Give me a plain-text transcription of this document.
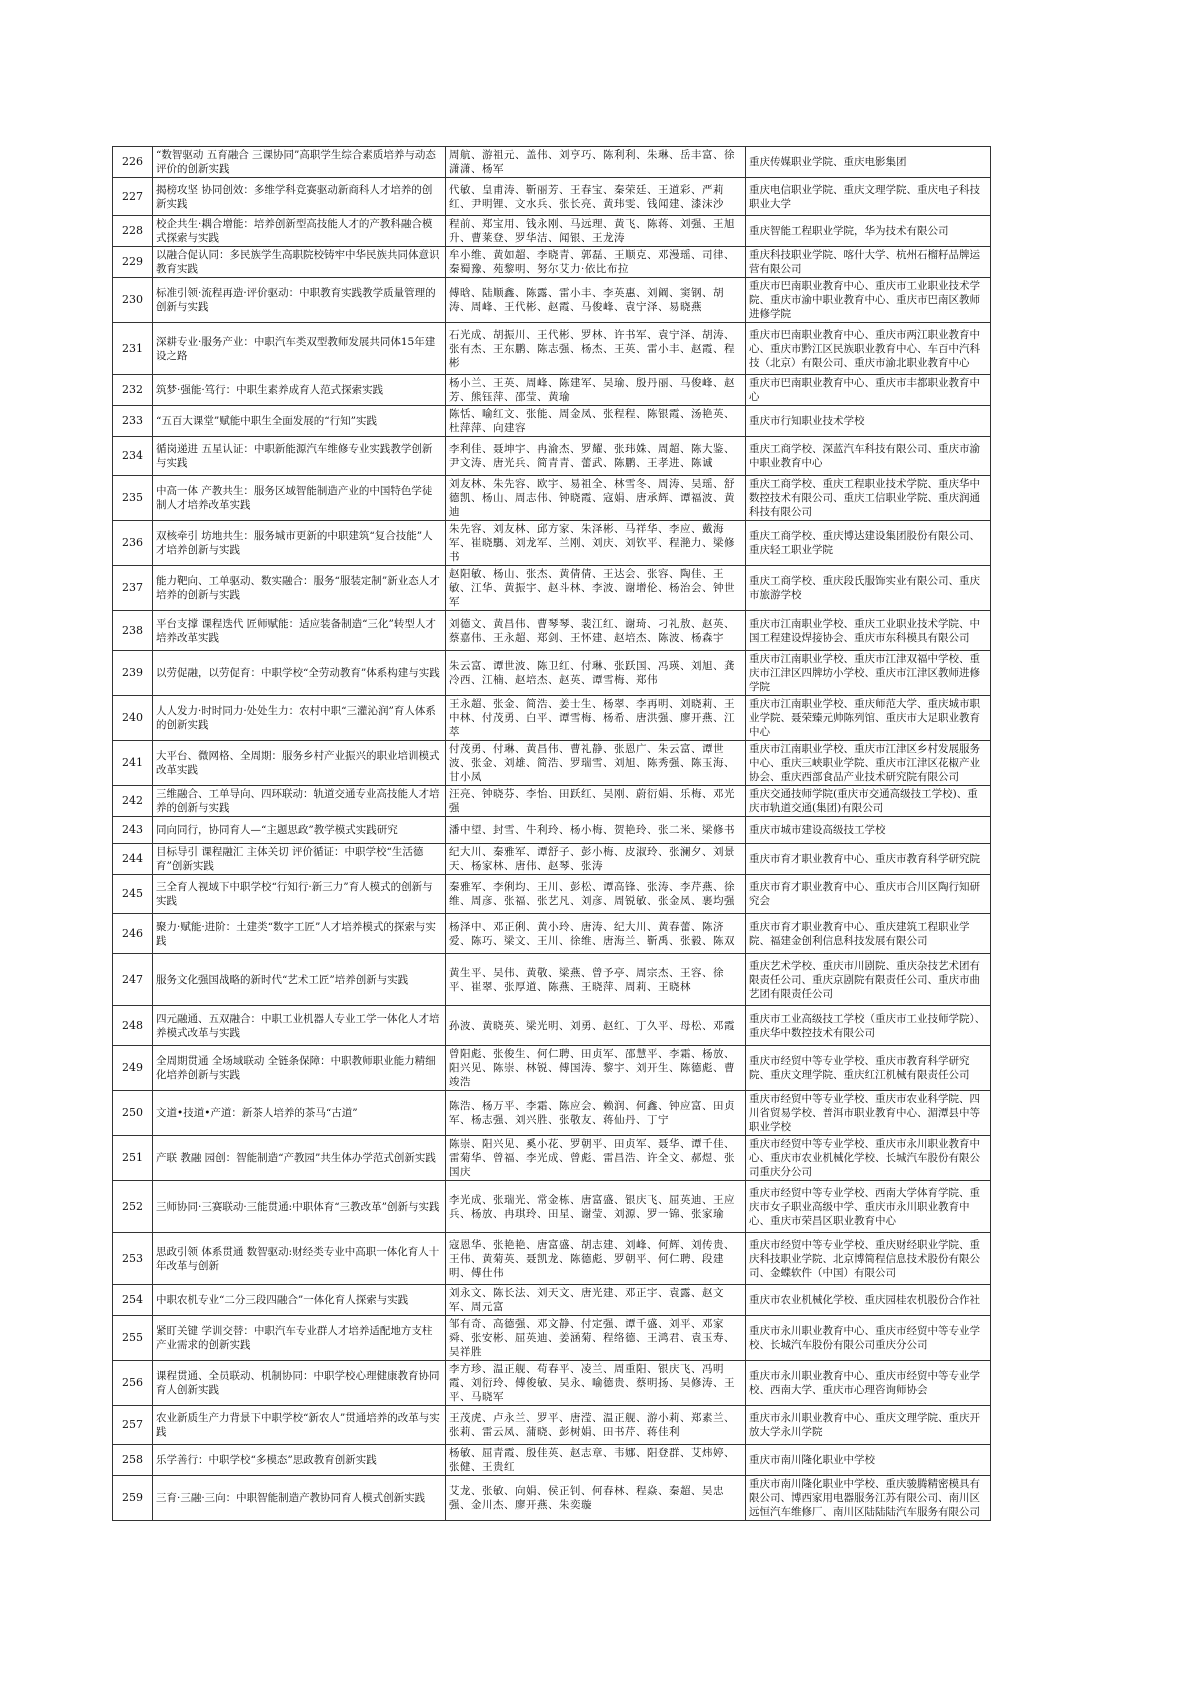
226	“数智驱动 五育融合 三课协同”高职学生综合素质培养与动态评价的创新实践	周航、游祖元、盖伟、刘亨巧、陈利利、朱琳、岳丰富、徐潇潇、杨军	重庆传媒职业学院、重庆电影集团
227	揭榜攻坚 协同创效：多维学科竞赛驱动新商科人才培养的创新实践	代敏、皇甫涛、靳丽芳、王春宝、秦荣廷、王道彩、严莉红、尹明锂、文水兵、张长亮、黄玮雯、钱闻建、漆沫沙	重庆电信职业学院、重庆文理学院、重庆电子科技职业大学
228	校企共生·耦合增能：培养创新型高技能人才的产教科融合模式探索与实践	程前、郑宝用、钱永刚、马远理、黄飞、陈蒋、刘强、王旭升、曹莱登、罗华洁、闻银、王龙涛	重庆智能工程职业学院，华为技术有限公司
229	以融合促认同：多民族学生高职院校铸牢中华民族共同体意识教育实践	牟小维、黄如超、李晓青、郭磊、王顺克、邓漫瑶、司律、秦蜀豫、苑黎明、努尔艾力·依比布拉	重庆科技职业学院、喀什大学、杭州石榴籽品牌运营有限公司
230	标准引领·流程再造·评价驱动：中职教育实践教学质量管理的创新与实践	傅晗、陆顺鑫、陈露、雷小丰、李英惠、刘阚、窦钢、胡涛、周峰、王代彬、赵霞、马俊峰、袁宁泽、易晓燕	重庆市巴南职业教育中心、重庆市工业职业技术学院、重庆市渝中职业教育中心、重庆市巴南区教师进修学院
231	深耕专业·服务产业：中职汽车类双型教师发展共同体15年建设之路	石光成、胡振川、王代彬、罗林、许书军、袁宁泽、胡涛、张有杰、王东鹏、陈志强、杨杰、王英、雷小丰、赵霞、程彬	重庆市巴南职业教育中心、重庆市两江职业教育中心、重庆市黔江区民族职业教育中心、车百中汽科技（北京）有限公司、重庆市渝北职业教育中心
232	筑梦·强能·笃行：中职生素养成育人范式探索实践	杨小兰、王英、周峰、陈建军、吴瑜、殷丹丽、马俊峰、赵芳、熊钰萍、邵莹、黄瑜	重庆市巴南职业教育中心、重庆市丰都职业教育中心
233	“五百大课堂”赋能中职生全面发展的“行知”实践	陈恬、喻红文、张能、周金凤、张程程、陈银霞、汤艳英、杜萍萍、向建容	重庆市行知职业技术学校
234	循岗递进 五星认证：中职新能源汽车维修专业实践教学创新与实践	李利佳、聂坤宇、冉渝杰、罗耀、张玮姝、周超、陈大鉴、尹文涛、唐光兵、简青青、蕾武、陈鹏、王孝进、陈诚	重庆工商学校、深蓝汽车科技有限公司、重庆市渝中职业教育中心
235	中高一体 产教共生：服务区域智能制造产业的中国特色学徒制人才培养改革实践	刘友林、朱先容、欧宇、易祖全、林雪冬、周涛、吴瑶、舒德凯、杨山、周志伟、钟晓霞、寇娟、唐承辉、谭福波、黄迪	重庆工商学校、重庆工程职业技术学院、重庆华中数控技术有限公司、重庆工信职业学院、重庆润通科技有限公司
236	双核牵引 坊地共生：服务城市更新的中职建筑“复合技能”人才培养创新与实践	朱先容、刘友林、邱方家、朱泽彬、马祥华、李应、戴海军、崔晓騳、刘龙军、兰刚、刘庆、刘钦平、程滟力、梁修书	重庆工商学校、重庆博达建设集团股份有限公司、重庆轻工职业学院
237	能力靶向、工单驱动、数实融合：服务“服装定制”新业态人才培养的创新与实践	赵阳敏、杨山、张杰、黄倩倩、王达会、张容、陶佳、王敏、江华、黄振宇、赵斗林、李波、谢增伦、杨治会、钟世军	重庆工商学校、重庆段氏服饰实业有限公司、重庆市旅游学校
238	平台支撑 课程迭代 匠师赋能：适应装备制造“三化”转型人才培养改革实践	刘德文、黄昌伟、曹琴琴、裴江红、谢琦、刁礼敖、赵英、蔡嘉伟、王永超、郑剑、王怀建、赵培杰、陈波、杨森宇	重庆市江南职业学校、重庆工业职业技术学院、中国工程建设焊接协会、重庆市东科模具有限公司
239	以劳促融，以劳促育：中职学校“全劳动教育”体系构建与实践	朱云富、谭世波、陈卫红、付琳、张跃国、冯瑛、刘旭、龚冷西、江楠、赵培杰、赵英、谭雪梅、郑伟	重庆市江南职业学校、重庆市江津双福中学校、重庆市江津区四牌坊小学校、重庆市江津区教师进修学院
240	人人发力·时时同力·处处生力：农村中职“三灌沁润”育人体系的创新实践	王永超、张金、简浩、姜士生、杨翠、李再明、刘晓莉、王中林、付茂勇、白平、谭雪梅、杨希、唐洪强、廖开燕、江萃	重庆市江南职业学校、重庆师范大学、重庆城市职业学院、聂荣臻元帅陈列馆、重庆市大足职业教育中心
241	大平台、微网格、全周期：服务乡村产业振兴的职业培训模式改革实践	付茂勇、付琳、黄昌伟、曹礼静、张恩广、朱云富、谭世波、张金、刘雄、简浩、罗瑞雪、刘旭、陈秀强、陈玉海、甘小凤	重庆市江南职业学校、重庆市江津区乡村发展服务中心、重庆三峡职业学院、重庆市江津区花椒产业协会、重庆西部食品产业技术研究院有限公司
242	三维融合、工单导向、四环联动：轨道交通专业高技能人才培养的创新与实践	汪亮、钟晓芬、李怡、田跃红、吴刚、蔚衍娟、乐梅、邓光强	重庆交通技师学院(重庆市交通高级技工学校)、重庆市轨道交通(集团)有限公司
243	同向同行，协同育人—“主题思政”教学模式实践研究	潘中望、封雪、牛利玲、杨小梅、贺艳玲、张二米、梁修书	重庆市城市建设高级技工学校
244	目标导引 课程融汇 主体关切 评价循证：中职学校“生活德育”创新实践	纪大川、秦雅军、谭舒子、彭小梅、皮淑玲、张澜夕、刘景天、杨家林、唐伟、赵琴、张涛	重庆市育才职业教育中心、重庆市教育科学研究院
245	三全育人视域下中职学校“行知行·新三力”育人模式的创新与实践	秦雅军、李俐均、王川、彭松、谭高锋、张涛、李芹燕、徐维、周彦、张福、张艺凡、刘彦、周锐敏、张金凤、裹均强	重庆市育才职业教育中心、重庆市合川区陶行知研究会
246	聚力·赋能·进阶：土建类“数字工匠”人才培养模式的探索与实践	杨泽中、邓正俐、黄小玲、唐涛、纪大川、黄春蕾、陈济爱、陈巧、梁文、王川、徐维、唐海兰、靳禹、张毅、陈双	重庆市育才职业教育中心、重庆建筑工程职业学院、福建金创利信息科技发展有限公司
247	服务文化强国战略的新时代“艺术工匠”培养创新与实践	黄生平、吴伟、黄敬、梁燕、曾予亭、周宗杰、王容、徐平、崔翠、张厚道、陈燕、王晓萍、周莉、王晓林	重庆艺术学校、重庆市川剧院、重庆杂技艺术团有限责任公司、重庆京剧院有限责任公司、重庆市曲艺团有限责任公司
248	四元融通、五双融合：中职工业机器人专业工学一体化人才培养模式改革与实践	孙波、黄晓英、梁光明、刘勇、赵红、丁久平、母松、邓霞	重庆市工业高级技工学校（重庆市工业技师学院）、重庆华中数控技术有限公司
249	全周期贯通 全场域联动 全链条保障：中职教师职业能力精细化培养创新与实践	曾阳彪、张俊生、何仁聘、田贞军、邵慧平、李霜、杨放、阳兴见、陈崇、林锐、傅国涛、黎宇、刘开生、陈德彪、曹竣浩	重庆市经贸中等专业学校、重庆市教育科学研究院、重庆文理学院、重庆红江机械有限责任公司
250	文道•技道•产道：新茶人培养的茶马“古道”	陈浩、杨万平、李霜、陈应会、赖润、何鑫、钟应富、田贞军、杨志强、刘兴胜、张敬友、蒋仙丹、丁宁	重庆市经贸中等专业学校、重庆市农业科学院、四川省贸易学校、普洱市职业教育中心、湄潭县中等职业学校
251	产联 教融 园创：智能制造“产教园”共生体办学范式创新实践	陈崇、阳兴见、奚小花、罗朝平、田贞军、聂华、谭千佳、雷菊华、曾福、李光成、曾彪、雷昌浩、许全文、郝煜、张国庆	重庆市经贸中等专业学校、重庆市永川职业教育中心、重庆市农业机械化学校、长城汽车股份有限公司重庆分公司
252	三师协同·三赛联动·三能贯通:中职体育“三教改革”创新与实践	李光成、张瑞光、常金栋、唐富盛、银庆飞、屈英迪、王应兵、杨放、冉琪玲、田星、谢莹、刘源、罗一锦、张家瑜	重庆市经贸中等专业学校、西南大学体育学院、重庆市女子职业高级中学、重庆市永川职业教育中心、重庆市荣昌区职业教育中心
253	思政引领 体系贯通 数智驱动:财经类专业中高职一体化育人十年改革与创新	寇恩华、张艳艳、唐富盛、胡志建、刘峰、何辉、刘传贵、王伟、黄菊英、聂凯龙、陈德彪、罗朝平、何仁聘、段建明、傅仕伟	重庆市经贸中等专业学校、重庆财经职业学院、重庆科技职业学院、北京博简程信息技术股份有限公司、金蝶软件（中国）有限公司
254	中职农机专业“二分三段四融合”一体化育人探索与实践	刘永文、陈长法、刘天文、唐光建、邓正宇、袁露、赵文军、周元富	重庆市农业机械化学校、重庆园桂农机股份合作社
255	紧盯关键 学训交替：中职汽车专业群人才培养适配地方支柱产业需求的创新实践	邹有奇、高德强、邓文静、付定强、谭千盛、刘平、邓家舜、张安彬、屈英迪、姜涵菊、程络德、王鸿君、袁玉寿、吴祥胜	重庆市永川职业教育中心、重庆市经贸中等专业学校、长城汽车股份有限公司重庆分公司
256	课程贯通、全员联动、机制协同：中职学校心理健康教育协同育人创新实践	李方珍、温正舰、苟春平、凌兰、周重阳、银庆飞、冯明霞、刘衍玲、傅俊敏、吴永、喻德贵、蔡明扬、吴修涛、王平、马晓军	重庆市永川职业教育中心、重庆市经贸中等专业学校、西南大学、重庆市心理咨询师协会
257	农业新质生产力背景下中职学校“新农人”贯通培养的改革与实践	王茂虎、卢永兰、罗平、唐滢、温正舰、游小莉、郑素兰、张莉、雷云凤、蒲晓、彭树娟、田书芹、蒋佳利	重庆市永川职业教育中心、重庆文理学院、重庆开放大学永川学院
258	乐学善行：中职学校“多模态”思政教育创新实践	杨敏、屈青霞、殷佳英、赵志章、韦娜、阳登群、艾炜婷、张健、王贵红	重庆市南川隆化职业中学校
259	三育·三融·三向：中职智能制造产教协同育人模式创新实践	艾龙、张敏、向娟、侯正钊、何春林、程焱、秦超、吴忠强、金川杰、廖开燕、朱奕璇	重庆市南川隆化职业中学校、重庆骏腾精密模具有限公司、博西家用电器服务江苏有限公司、南川区远恒汽车维修厂、南川区陆陆陆汽车服务有限公司
